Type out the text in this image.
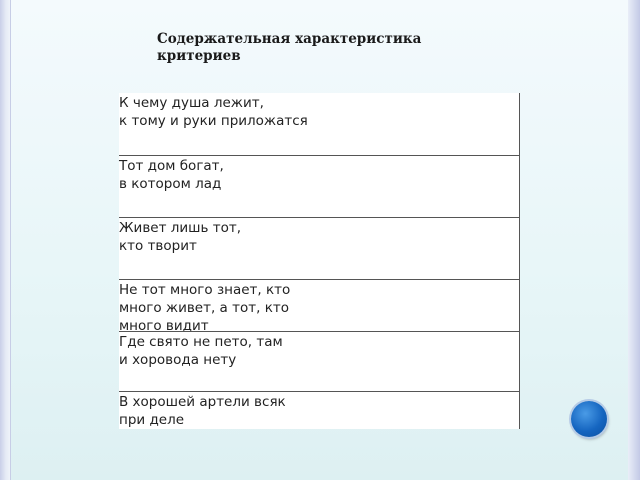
Содержательная характеристика
критериев
К чему душа лежит,
к тому и руки приложатся
Тот дом богат,
в котором лад
Живет лишь тот,
кто творит
Не тот много знает, кто
много живет, а тот, кто
много видит
Где свято не пето, там
и хоровода нету
В хорошей артели всяк
при деле
